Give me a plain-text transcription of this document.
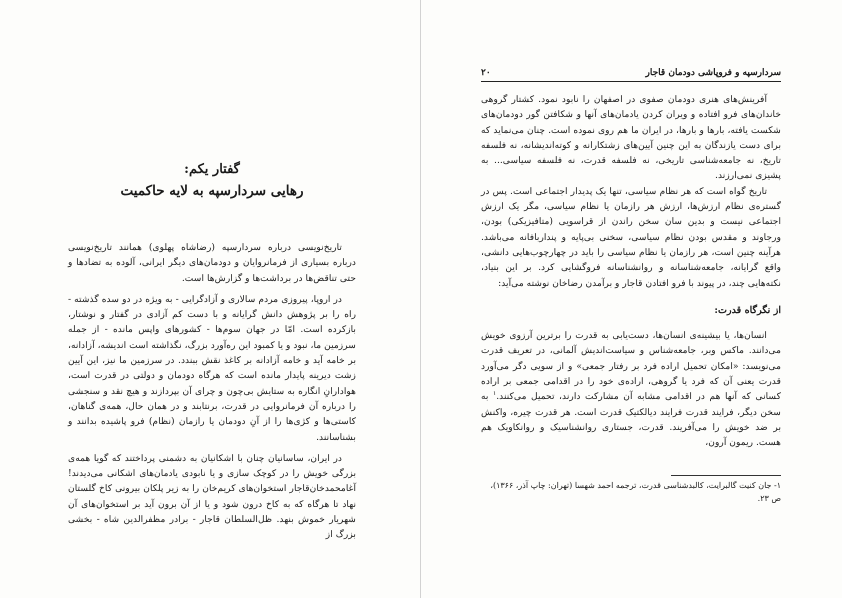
گفتار یکم:
رهایی سردارسپه به لایه حاکمیت

تاریخ‌نویسی درباره سردارسپه (رضاشاه پهلوی) همانند تاریخ‌نویسی درباره بسیاری از فرمانروایان و دودمان‌های دیگر ایرانی، آلوده به تضادها و حتی تناقض‌ها در برداشت‌ها و گزارش‌ها است.

در اروپا، پیروزی مردم سالاری و آزادگرایی - به ویژه در دو سده گذشته - راه را بر پژوهش دانش گرایانه و با دست کم آزادی در گفتار و نوشتار، بازکرده است. امّا در جهان سوم‌ها - کشورهای واپس مانده - از جمله سرزمین ما، نبود و یا کمبود این ره‌آورد بزرگ، نگذاشته است اندیشه، آزادانه، بر خامه آید و خامه آزادانه بر کاغذ نقش ببندد. در سرزمین ما نیز، این آیین زشت دیرینه پایدار مانده است که هرگاه دودمان و دولتی در قدرت است، هوادارانِ انگاره به ستایش بی‌چون و چرای آن بپردازند و هیچ نقد و سنجشی را درباره آن فرمانروایی در قدرت، برنتابند و در همان حال، همه‌ی گناهان، کاستی‌ها و کژی‌ها را از آنِ دودمان یا رازمان (نظام) فرو پاشیده بدانند و بشناسانند.

در ایران، ساسانیان چنان با اشکانیان به دشمنی پرداختند که گویا همه‌ی بزرگی خویش را در کوچک سازی و یا نابودی یادمان‌های اشکانی می‌دیدند! آغامحمدخان‌قاجار استخوان‌های کریم‌خان را به زیر پلکان بیرونی کاخ گلستان نهاد تا هرگاه که به کاخ درون شود و یا از آن برون آید بر استخوان‌های آن شهریار خموش بنهد. ظل‌السلطان قاجار - برادر مظفرالدین شاه - بخشی بزرگ از

۲۰	سردارسپه و فروپاشی دودمان قاجار

آفرینش‌های هنری دودمان صفوی در اصفهان را نابود نمود. کشتار گروهی خاندان‌های فرو افتاده و ویران کردن یادمان‌های آنها و شکافتن گور دودمان‌های شکست یافته، بارها و بارها، در ایران ما هم روی نموده است. چنان می‌نماید که برای دست یازندگان به این چنین آیین‌های زشتکارانه و کوته‌اندیشانه، نه فلسفه تاریخ، نه جامعه‌شناسی تاریخی، نه فلسفه قدرت، نه فلسفه سیاسی... به پشیزی نمی‌ارزند.

تاریخ گواه است که هر نظام سیاسی، تنها یک پدیدار اجتماعی است. پس در گستره‌ی نظام ارزش‌ها، ارزش هر رازمان یا نظام سیاسی، مگر یک ارزش اجتماعی نیست و بدین سان سخن راندن از قراسویی (متافیزیکی) بودن، ورجاوند و مقدس بودن نظام سیاسی، سخنی بی‌پایه و پنداربافانه می‌باشد. هرآینه چنین است، هر رازمان یا نظام سیاسی را باید در چهارچوب‌هایی دانشی، واقع گرایانه، جامعه‌شناسانه و روانشناسانه فروگشایی کرد. بر این بنیاد، نکته‌هایی چند، در پیوند با فرو افتادن قاجار و برآمدن رضاخان نوشته می‌آید:

از نگرگاه قدرت:

انسان‌ها، یا بیشینه‌ی انسان‌ها، دست‌یابی به قدرت را برترین آرزوی خویش می‌دانند. ماکس وبر، جامعه‌شناس و سیاست‌اندیش آلمانی، در تعریف قدرت می‌نویسد: «امکان تحمیل اراده فرد بر رفتار جمعی» و از سویی دگر می‌آورد قدرت یعنی آن که فرد یا گروهی، اراده‌ی خود را در اقدامی جمعی بر اراده کسانی که آنها هم در اقدامی مشابه آن مشارکت دارند، تحمیل می‌کنند.$^۱$ به سخن دیگر، فرایند قدرت فرایند دیالکتیک قدرت است. هر قدرت چیره، واکنش بر ضد خویش را می‌آفریند. قدرت، جستاری روانشناسیک و روانکاویک هم هست. ریمون آرون،

۱- جان کنیت گالبرایت، کالبدشناسی قدرت، ترجمه احمد شهسا (تهران: چاپ آذر، ۱۳۶۶)، ص ۲۳.
